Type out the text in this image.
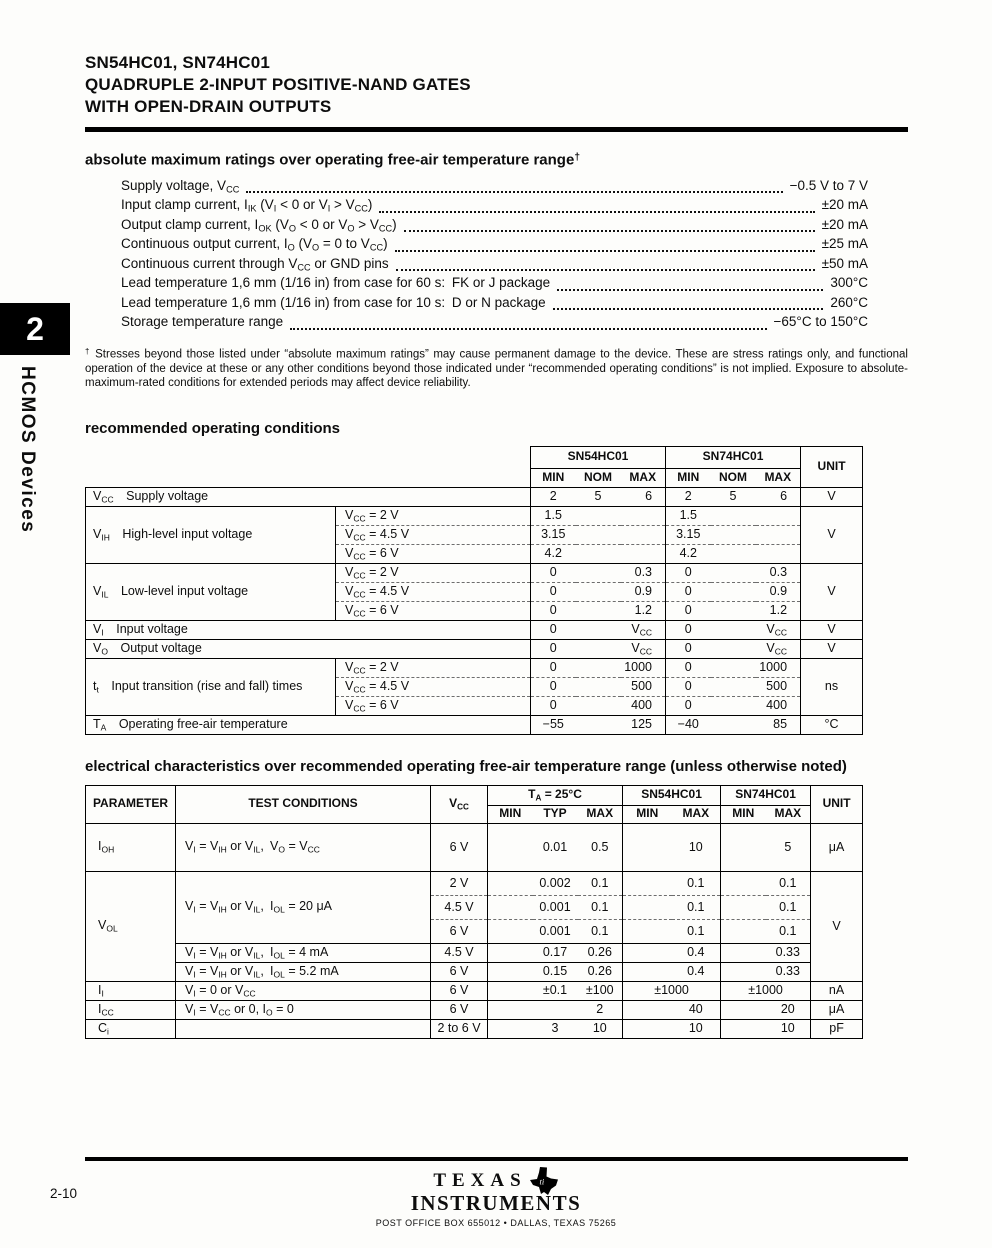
2
HCMOS Devices
SN54HC01, SN74HC01
QUADRUPLE 2-INPUT POSITIVE-NAND GATES
WITH OPEN-DRAIN OUTPUTS
absolute maximum ratings over operating free-air temperature range†
Supply voltage, $V_{CC}$	−0.5 V to 7 V
Input clamp current, $I_{IK}$ ($V_I < 0$ or $V_I > V_{CC}$)	±20 mA
Output clamp current, $I_{OK}$ ($V_O < 0$ or $V_O > V_{CC}$)	±20 mA
Continuous output current, $I_O$ ($V_O = 0$ to $V_{CC}$)	±25 mA
Continuous current through $V_{CC}$ or GND pins	±50 mA
Lead temperature 1,6 mm (1/16 in) from case for 60 s: FK or J package	300°C
Lead temperature 1,6 mm (1/16 in) from case for 10 s: D or N package	260°C
Storage temperature range	−65°C to 150°C

† Stresses beyond those listed under “absolute maximum ratings” may cause permanent damage to the device. These are stress ratings only, and functional operation of the device at these or any other conditions beyond those indicated under “recommended operating conditions” is not implied. Exposure to absolute-maximum-rated conditions for extended periods may affect device reliability.

recommended operating conditions
		SN54HC01			SN74HC01			UNIT
		MIN	NOM	MAX	MIN	NOM	MAX	
$V_{CC}$ Supply voltage		2	5	6	2	5	6	V
$V_{IH}$ High-level input voltage	$V_{CC} = 2$ V	1.5			1.5			V
	$V_{CC} = 4.5$ V	3.15			3.15			
	$V_{CC} = 6$ V	4.2			4.2			
$V_{IL}$ Low-level input voltage	$V_{CC} = 2$ V	0		0.3	0		0.3	V
	$V_{CC} = 4.5$ V	0		0.9	0		0.9	
	$V_{CC} = 6$ V	0		1.2	0		1.2	
$V_I$ Input voltage		0		$V_{CC}$	0		$V_{CC}$	V
$V_O$ Output voltage		0		$V_{CC}$	0		$V_{CC}$	V
$t_t$ Input transition (rise and fall) times	$V_{CC} = 2$ V	0		1000	0		1000	ns
	$V_{CC} = 4.5$ V	0		500	0		500	
	$V_{CC} = 6$ V	0		400	0		400	
$T_A$ Operating free-air temperature		−55		125	−40		85	°C
electrical characteristics over recommended operating free-air temperature range (unless otherwise noted)
PARAMETER	TEST CONDITIONS	$V_{CC}$	$T_A = 25^\circ C$			SN54HC01		SN74HC01		UNIT
			MIN	TYP	MAX	MIN	MAX	MIN	MAX	
$I_{OH}$	$V_I = V_{IH}$ or $V_{IL}$, $V_O = V_{CC}$	6 V		0.01	0.5		10		5	μA
$V_{OL}$	$V_I = V_{IH}$ or $V_{IL}$, $I_{OL} = 20$ μA	2 V		0.002	0.1		0.1		0.1	V
		4.5 V		0.001	0.1		0.1		0.1	
		6 V		0.001	0.1		0.1		0.1	
	$V_I = V_{IH}$ or $V_{IL}$, $I_{OL} = 4$ mA	4.5 V		0.17	0.26		0.4		0.33	
	$V_I = V_{IH}$ or $V_{IL}$, $I_{OL} = 5.2$ mA	6 V		0.15	0.26		0.4		0.33	
$I_I$	$V_I = 0$ or $V_{CC}$	6 V		±0.1	±100	±1000		±1000		nA
$I_{CC}$	$V_I = V_{CC}$ or 0, $I_O = 0$	6 V			2		40		20	μA
$C_i$		2 to 6 V		3	10		10		10	pF
2-10
TEXAS ti
INSTRUMENTS
POST OFFICE BOX 655012 • DALLAS, TEXAS 75265
